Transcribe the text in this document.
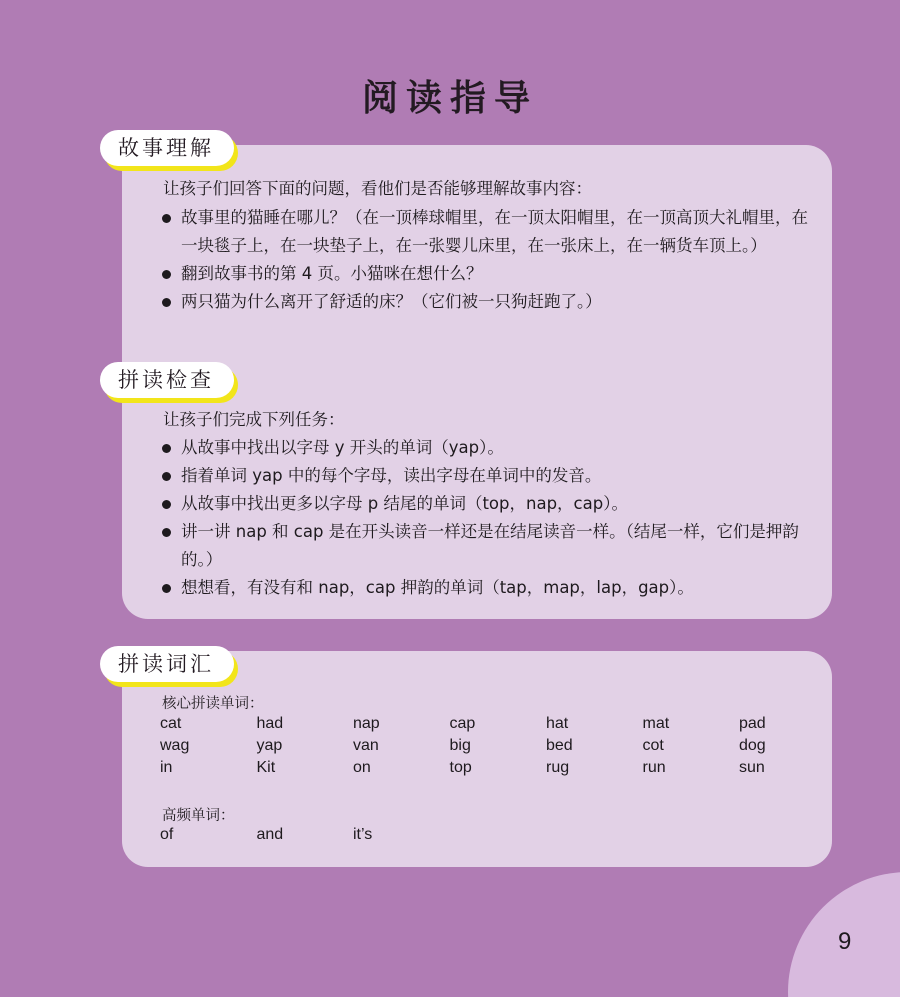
阅读指导
故事理解
让孩子们回答下面的问题，看他们是否能够理解故事内容：
故事里的猫睡在哪儿？（在一顶棒球帽里，在一顶太阳帽里，在一顶高顶大礼帽里，在一块毯子上，在一块垫子上，在一张婴儿床里，在一张床上，在一辆货车顶上。）
翻到故事书的第 4 页。小猫咪在想什么？
两只猫为什么离开了舒适的床？（它们被一只狗赶跑了。）
拼读检查
让孩子们完成下列任务：
从故事中找出以字母 y 开头的单词（yap）。
指着单词 yap 中的每个字母，读出字母在单词中的发音。
从故事中找出更多以字母 p 结尾的单词（top，nap，cap）。
讲一讲 nap 和 cap 是在开头读音一样还是在结尾读音一样。（结尾一样，它们是押韵的。）
想想看，有没有和 nap，cap 押韵的单词（tap，map，lap，gap）。
拼读词汇
核心拼读单词：
cat	had	nap	cap	hat	mat	pad
wag	yap	van	big	bed	cot	dog
in	Kit	on	top	rug	run	sun
高频单词：
of	and	it’s
9
